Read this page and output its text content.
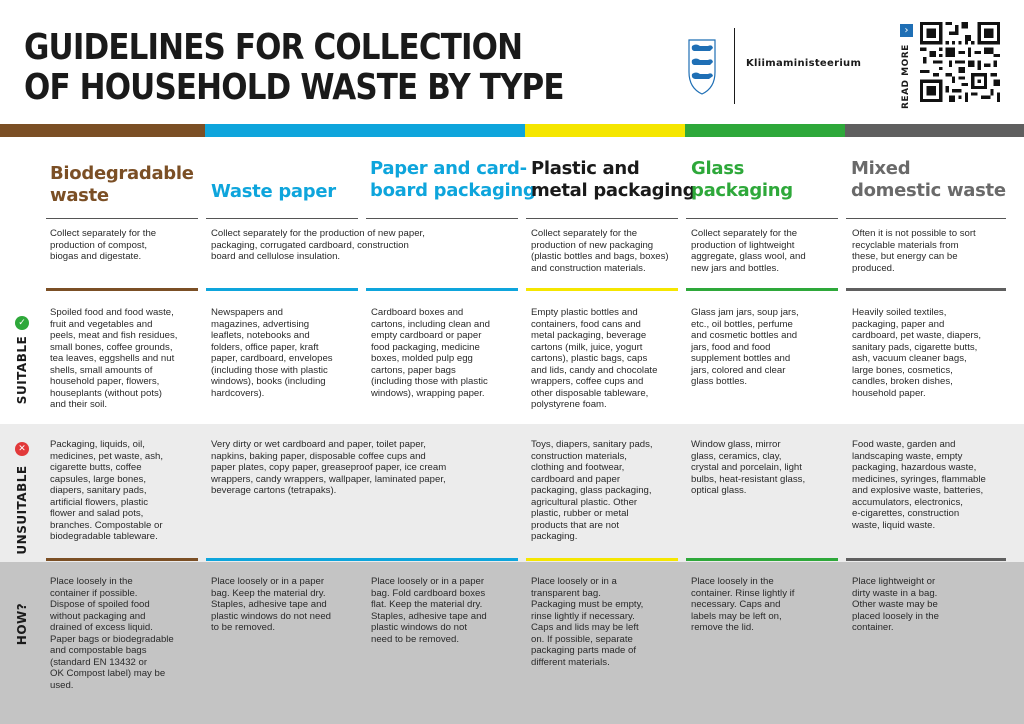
GUIDELINES FOR COLLECTION
OF HOUSEHOLD WASTE BY TYPE
Kliimaministeerium
›
READ MORE
✓
SUITABLE
✕
UNSUITABLE
HOW?
Biodegradable
waste
Collect separately for the
production of compost,
biogas and digestate.
Spoiled food and food waste,
fruit and vegetables and
peels, meat and fish residues,
small bones, coffee grounds,
tea leaves, eggshells and nut
shells, small amounts of
household paper, flowers,
houseplants (without pots)
and their soil.
Packaging, liquids, oil,
medicines, pet waste, ash,
cigarette butts, coffee
capsules, large bones,
diapers, sanitary pads,
artificial flowers, plastic
flower and salad pots,
branches. Compostable or
biodegradable tableware.
Place loosely in the
container if possible.
Dispose of spoiled food
without packaging and
drained of excess liquid.
Paper bags or biodegradable
and compostable bags
(standard EN 13432 or
OK Compost label) may be
used.
Waste paper
Collect separately for the production of new paper,
packaging, corrugated cardboard, construction
board and cellulose insulation.
Newspapers and
magazines, advertising
leaflets, notebooks and
folders, office paper, kraft
paper, cardboard, envelopes
(including those with plastic
windows), books (including
hardcovers).
Very dirty or wet cardboard and paper, toilet paper,
napkins, baking paper, disposable coffee cups and
paper plates, copy paper, greaseproof paper, ice cream
wrappers, candy wrappers, wallpaper, laminated paper,
beverage cartons (tetrapaks).
Place loosely or in a paper
bag. Keep the material dry.
Staples, adhesive tape and
plastic windows do not need
to be removed.
Paper and card-
board packaging
Cardboard boxes and
cartons, including clean and
empty cardboard or paper
food packaging, medicine
boxes, molded pulp egg
cartons, paper bags
(including those with plastic
windows), wrapping paper.
Place loosely or in a paper
bag. Fold cardboard boxes
flat. Keep the material dry.
Staples, adhesive tape and
plastic windows do not
need to be removed.
Plastic and
metal packaging
Collect separately for the
production of new packaging
(plastic bottles and bags, boxes)
and construction materials.
Empty plastic bottles and
containers, food cans and
metal packaging, beverage
cartons (milk, juice, yogurt
cartons), plastic bags, caps
and lids, candy and chocolate
wrappers, coffee cups and
other disposable tableware,
polystyrene foam.
Toys, diapers, sanitary pads,
construction materials,
clothing and footwear,
cardboard and paper
packaging, glass packaging,
agricultural plastic. Other
plastic, rubber or metal
products that are not
packaging.
Place loosely or in a
transparent bag.
Packaging must be empty,
rinse lightly if necessary.
Caps and lids may be left
on. If possible, separate
packaging parts made of
different materials.
Glass
packaging
Collect separately for the
production of lightweight
aggregate, glass wool, and
new jars and bottles.
Glass jam jars, soup jars,
etc., oil bottles, perfume
and cosmetic bottles and
jars, food and food
supplement bottles and
jars, colored and clear
glass bottles.
Window glass, mirror
glass, ceramics, clay,
crystal and porcelain, light
bulbs, heat-resistant glass,
optical glass.
Place loosely in the
container. Rinse lightly if
necessary. Caps and
labels may be left on,
remove the lid.
Mixed
domestic waste
Often it is not possible to sort
recyclable materials from
these, but energy can be
produced.
Heavily soiled textiles,
packaging, paper and
cardboard, pet waste, diapers,
sanitary pads, cigarette butts,
ash, vacuum cleaner bags,
large bones, cosmetics,
candles, broken dishes,
household paper.
Food waste, garden and
landscaping waste, empty
packaging, hazardous waste,
medicines, syringes, flammable
and explosive waste, batteries,
accumulators, electronics,
e-cigarettes, construction
waste, liquid waste.
Place lightweight or
dirty waste in a bag.
Other waste may be
placed loosely in the
container.
